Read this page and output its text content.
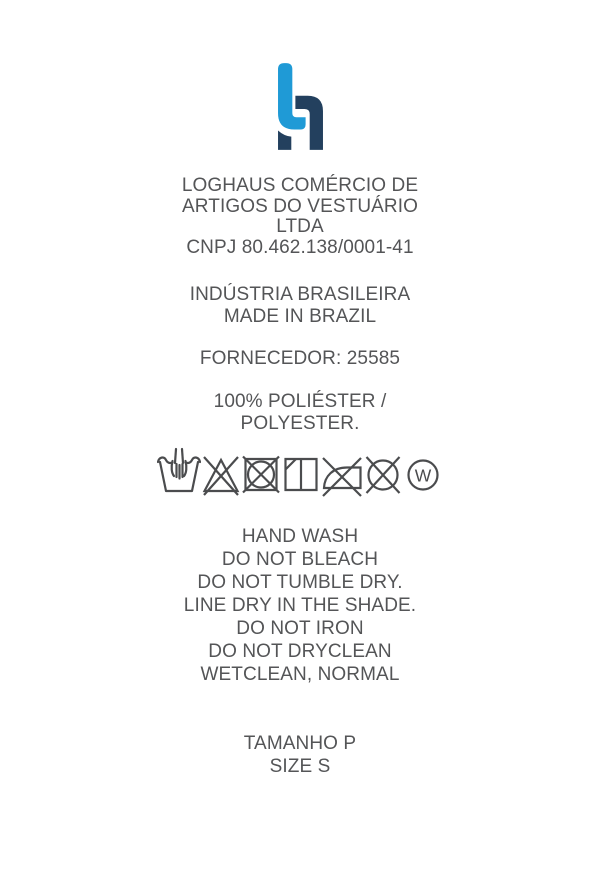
LOGHAUS COMÉRCIO DE
ARTIGOS DO VESTUÁRIO
LTDA
CNPJ 80.462.138/0001-41
INDÚSTRIA BRASILEIRA
MADE IN BRAZIL
FORNECEDOR: 25585
100% POLIÉSTER /
POLYESTER.
W
HAND WASH
DO NOT BLEACH
DO NOT TUMBLE DRY.
LINE DRY IN THE SHADE.
DO NOT IRON
DO NOT DRYCLEAN
WETCLEAN, NORMAL
TAMANHO P
SIZE S
